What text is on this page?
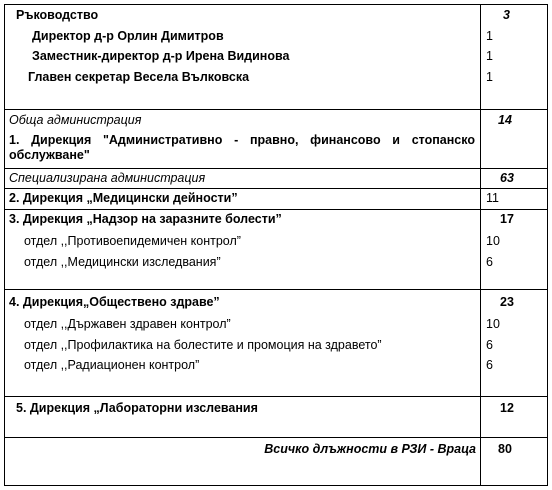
Ръководство	3
Директор д-р Орлин Димитров	1
Заместник-директор д-р Ирена Видинова	1
Главен секретар Весела Вълковска	1
Обща администрация	14
1. Дирекция "Административно - правно, финансово и стопанско обслужване"
Специализирана администрация	63
2. Дирекция „Медицински дейности”	11
3. Дирекция „Надзор на заразните болести”	17
отдел ,,Противоепидемичен контрол”	10
отдел ,,Медицински изследвания”	6
4. Дирекция„Обществено здраве”	23
отдел ,,Държавен здравен контрол”	10
отдел ,,Профилактика на болестите и промоция на здравето”	6
отдел ,,Радиационен контрол”	6
5. Дирекция „Лабораторни изслевания	12
Всичко длъжности в РЗИ - Враца 80
